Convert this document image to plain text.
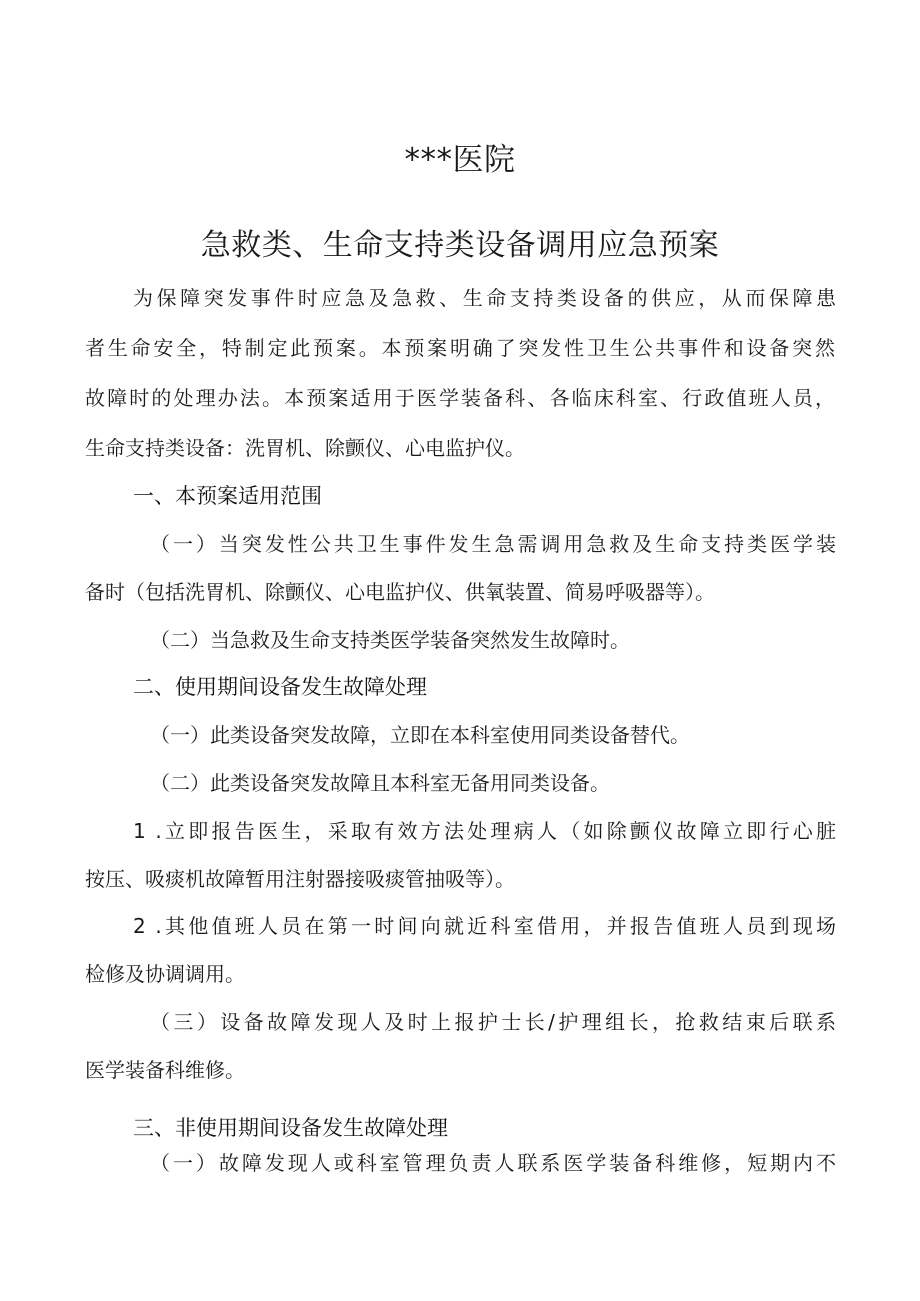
***医院
急救类、生命支持类设备调用应急预案
为保障突发事件时应急及急救、生命支持类设备的供应，从而保障患
者生命安全，特制定此预案。本预案明确了突发性卫生公共事件和设备突然
故障时的处理办法。本预案适用于医学装备科、各临床科室、行政值班人员，
生命支持类设备：洗胃机、除颤仪、心电监护仪。
一、本预案适用范围
（一）当突发性公共卫生事件发生急需调用急救及生命支持类医学装
备时（包括洗胃机、除颤仪、心电监护仪、供氧装置、简易呼吸器等）。
（二）当急救及生命支持类医学装备突然发生故障时。
二、使用期间设备发生故障处理
（一）此类设备突发故障，立即在本科室使用同类设备替代。
（二）此类设备突发故障且本科室无备用同类设备。
1 .立即报告医生，采取有效方法处理病人（如除颤仪故障立即行心脏
按压、吸痰机故障暂用注射器接吸痰管抽吸等）。
2 .其他值班人员在第一时间向就近科室借用，并报告值班人员到现场
检修及协调调用。
（三）设备故障发现人及时上报护士长/护理组长，抢救结束后联系
医学装备科维修。
三、非使用期间设备发生故障处理
（一）故障发现人或科室管理负责人联系医学装备科维修，短期内不
